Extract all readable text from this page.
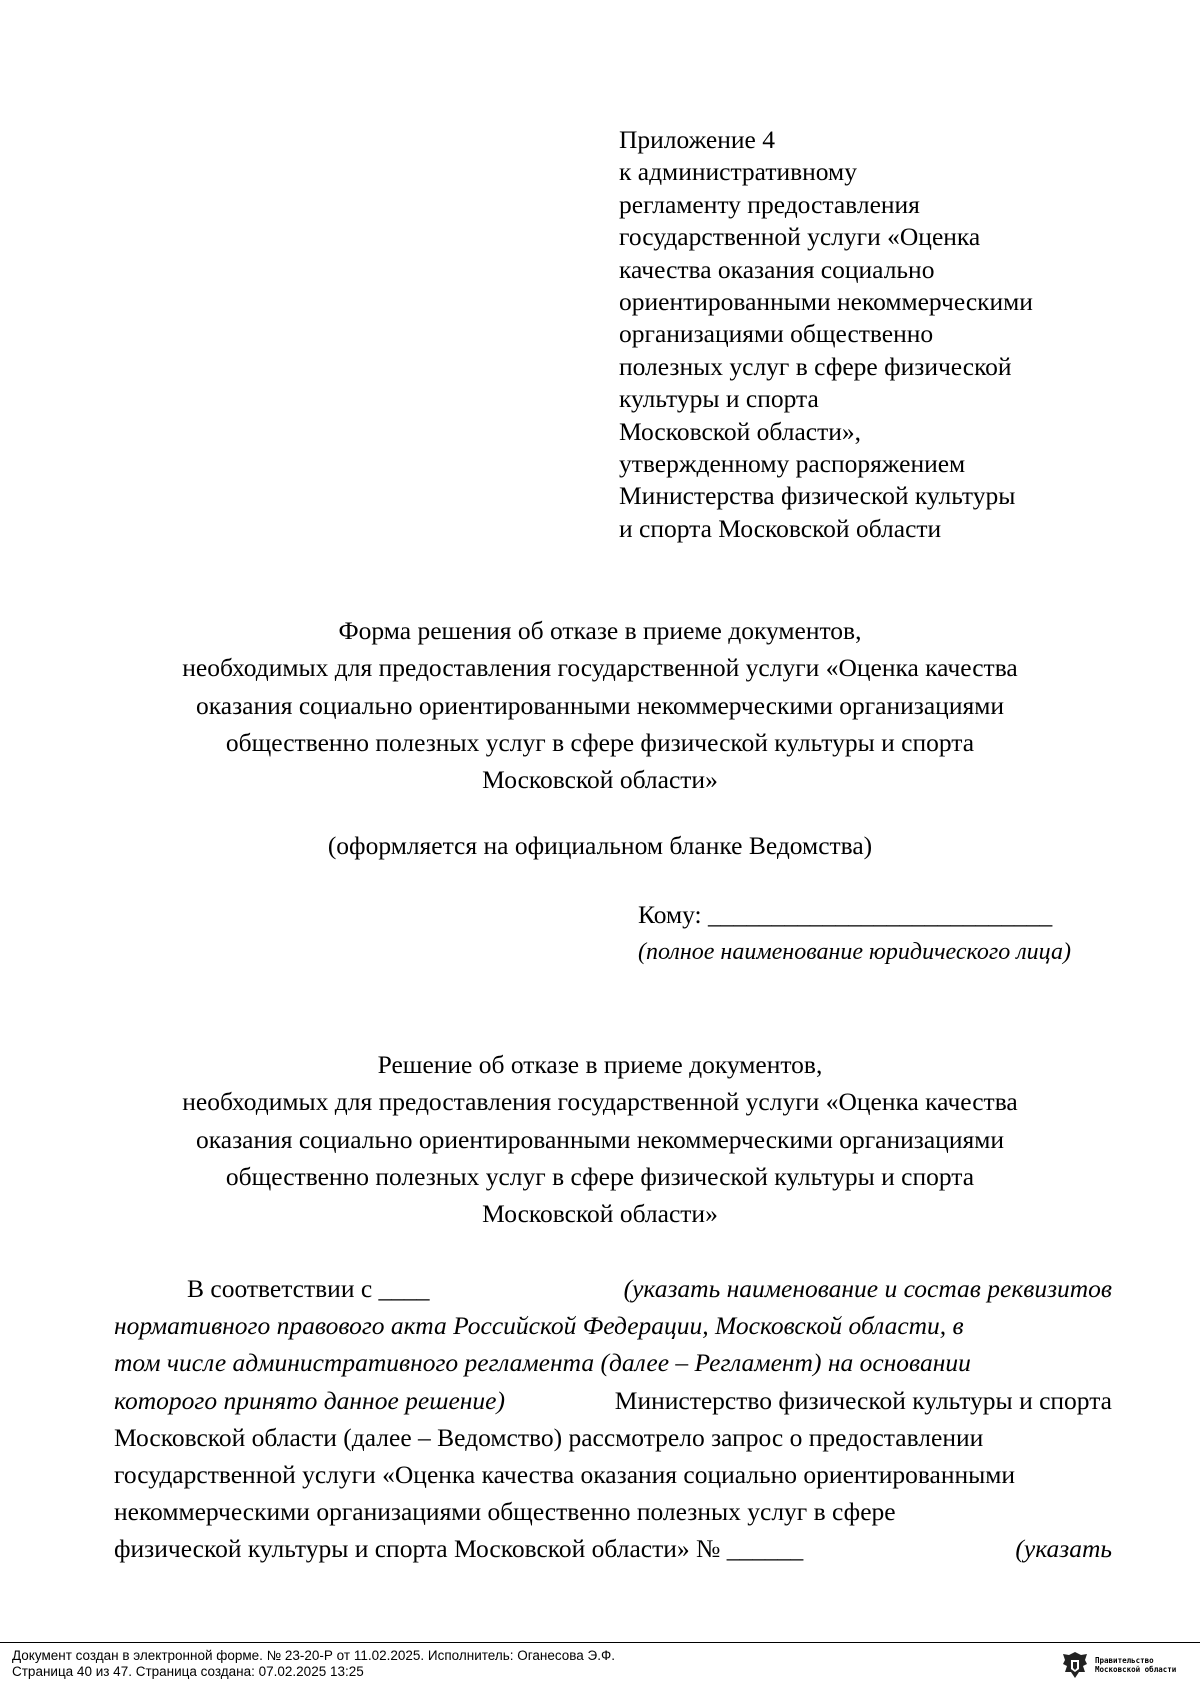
Приложение 4
к административному
регламенту предоставления
государственной услуги «Оценка
качества оказания социально
ориентированными некоммерческими
организациями общественно
полезных услуг в сфере физической
культуры и спорта
Московской области»,
утвержденному распоряжением
Министерства физической культуры
и спорта Московской области
Форма решения об отказе в приеме документов,
необходимых для предоставления государственной услуги «Оценка качества
оказания социально ориентированными некоммерческими организациями
общественно полезных услуг в сфере физической культуры и спорта
Московской области»
(оформляется на официальном бланке Ведомства)
Кому: ___________________________
(полное наименование юридического лица)
Решение об отказе в приеме документов,
необходимых для предоставления государственной услуги «Оценка качества
оказания социально ориентированными некоммерческими организациями
общественно полезных услуг в сфере физической культуры и спорта
Московской области»
В соответствии с ____	(указать наименование и состав реквизитов
нормативного правового акта Российской Федерации, Московской области, в
том числе административного регламента (далее – Регламент) на основании
которого принято данное решение)	Министерство физической культуры и спорта
Московской области (далее – Ведомство) рассмотрело запрос о предоставлении
государственной услуги «Оценка качества оказания социально ориентированными
некоммерческими организациями общественно полезных услуг в сфере
физической культуры и спорта Московской области» № ______	(указать
Документ создан в электронной форме. № 23-20-Р от 11.02.2025. Исполнитель: Оганесова Э.Ф.
Страница 40 из 47. Страница создана: 07.02.2025 13:25
Правительство
Московской области
